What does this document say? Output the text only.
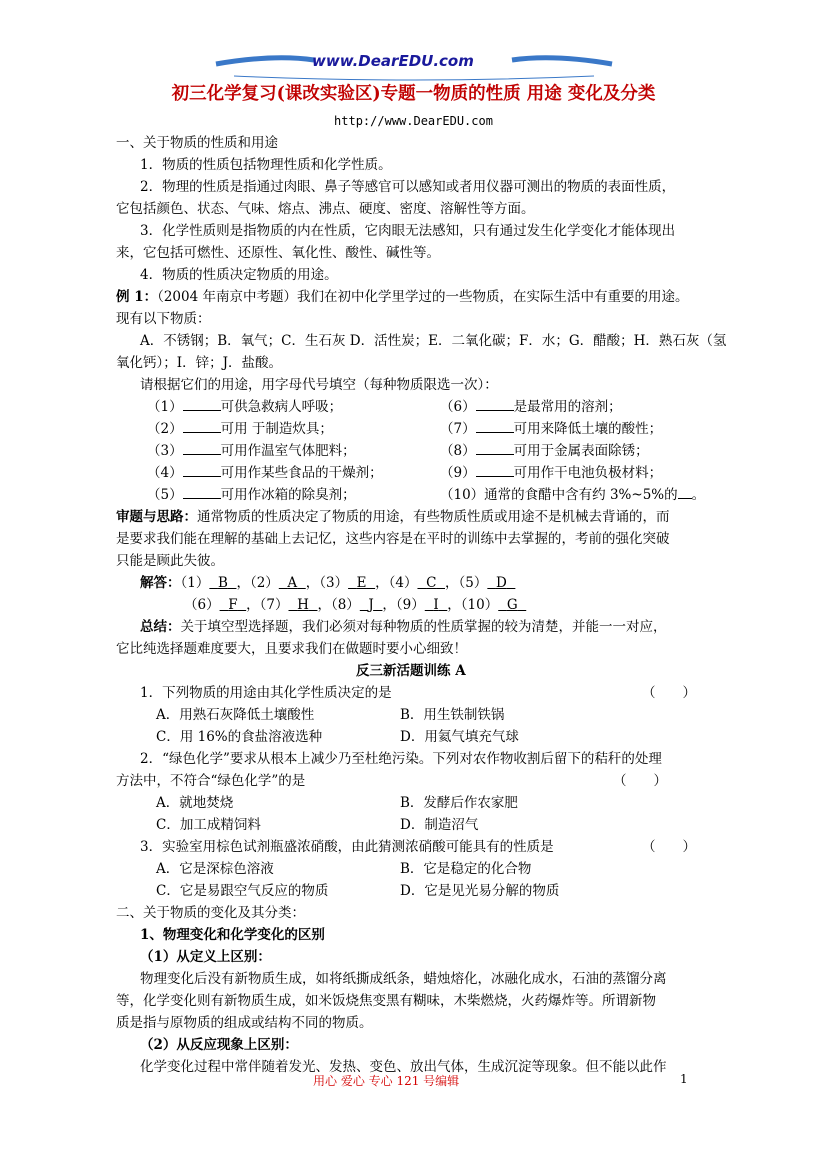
www.DearEDU.com
初三化学复习(课改实验区)专题一物质的性质 用途 变化及分类
http://www.DearEDU.com
一、关于物质的性质和用途
1．物质的性质包括物理性质和化学性质。
2．物理的性质是指通过肉眼、鼻子等感官可以感知或者用仪器可测出的物质的表面性质，
它包括颜色、状态、气味、熔点、沸点、硬度、密度、溶解性等方面。
3．化学性质则是指物质的内在性质，它肉眼无法感知，只有通过发生化学变化才能体现出
来，它包括可燃性、还原性、氧化性、酸性、碱性等。
4．物质的性质决定物质的用途。
例 1：（2004 年南京中考题）我们在初中化学里学过的一些物质，在实际生活中有重要的用途。
现有以下物质：
A．不锈钢；B．氧气；C．生石灰 D．活性炭；E．二氧化碳；F．水；G．醋酸；H．熟石灰（氢
氧化钙）；I．锌；J．盐酸。
请根据它们的用途，用字母代号填空（每种物质限选一次）：
（1）	可供急救病人呼吸；
（2）	可用 于制造炊具；
（3）	可用作温室气体肥料；
（4）	可用作某些食品的干燥剂；
（5）	可用作冰箱的除臭剂；
（6）	是最常用的溶剂；
（7）	可用来降低土壤的酸性；
（8）	可用于金属表面除锈；
（9）	可用作干电池负极材料；
（10）通常的食醋中含有约 3%~5%的 。
审题与思路：通常物质的性质决定了物质的用途，有些物质性质或用途不是机械去背诵的，而
是要求我们能在理解的基础上去记忆，这些内容是在平时的训练中去掌握的，考前的强化突破
只能是顾此失彼。
解答：（1） B ，（2） A ，（3） E ，（4） C ，（5） D
（6） F ，（7） H ，（8） J ，（9） I ，（10） G
总结：关于填空型选择题，我们必须对每种物质的性质掌握的较为清楚，并能一一对应，
它比纯选择题难度要大，且要求我们在做题时要小心细致！
反三新活题训练 A
1．下列物质的用途由其化学性质决定的是	（　　）
A．用熟石灰降低土壤酸性	B．用生铁制铁锅
C．用 16%的食盐溶液选种	D．用氦气填充气球
2．“绿色化学”要求从根本上减少乃至杜绝污染。下列对农作物收割后留下的秸秆的处理
方法中，不符合“绿色化学”的是	（　　）
A．就地焚烧	B．发酵后作农家肥
C．加工成精饲料	D．制造沼气
3．实验室用棕色试剂瓶盛浓硝酸，由此猜测浓硝酸可能具有的性质是	（　　）
A．它是深棕色溶液	B．它是稳定的化合物
C．它是易跟空气反应的物质	D．它是见光易分解的物质
二、关于物质的变化及其分类：
1、物理变化和化学变化的区别
（1）从定义上区别：
物理变化后没有新物质生成，如将纸撕成纸条，蜡烛熔化，冰融化成水，石油的蒸馏分离
等，化学变化则有新物质生成，如米饭烧焦变黑有糊味，木柴燃烧，火药爆炸等。所谓新物
质是指与原物质的组成或结构不同的物质。
（2）从反应现象上区别：
化学变化过程中常伴随着发光、发热、变色、放出气体，生成沉淀等现象。但不能以此作
用心 爱心 专心 121 号编辑	1
